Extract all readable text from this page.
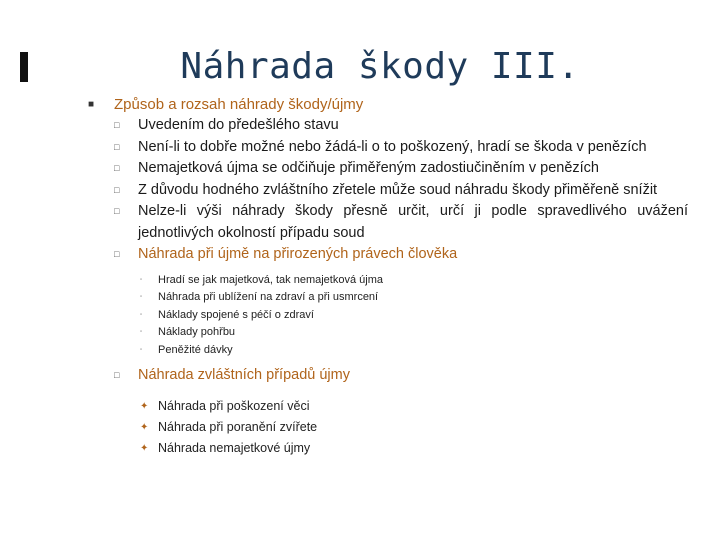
Náhrada škody III.
■ Způsob a rozsah náhrady škody/újmy
□ Uvedením do předešlého stavu
□ Není-li to dobře možné nebo žádá-li o to poškozený, hradí se škoda v penězích
□ Nemajetková újma se odčiňuje přiměřeným zadostiučiněním v penězích
□ Z důvodu hodného zvláštního zřetele může soud náhradu škody přiměřeně snížit
□ Nelze-li výši náhrady škody přesně určit, určí ji podle spravedlivého uvážení jednotlivých okolností případu soud
□ Náhrada při újmě na přirozených právech člověka
▫ Hradí se jak majetková, tak nemajetková újma
▫ Náhrada při ublížení na zdraví a při usmrcení
▫ Náklady spojené s péčí o zdraví
▫ Náklady pohřbu
▫ Peněžité dávky
□ Náhrada zvláštních případů újmy
✦ Náhrada při poškození věci
✦ Náhrada při poranění zvířete
✦ Náhrada nemajetkové újmy
